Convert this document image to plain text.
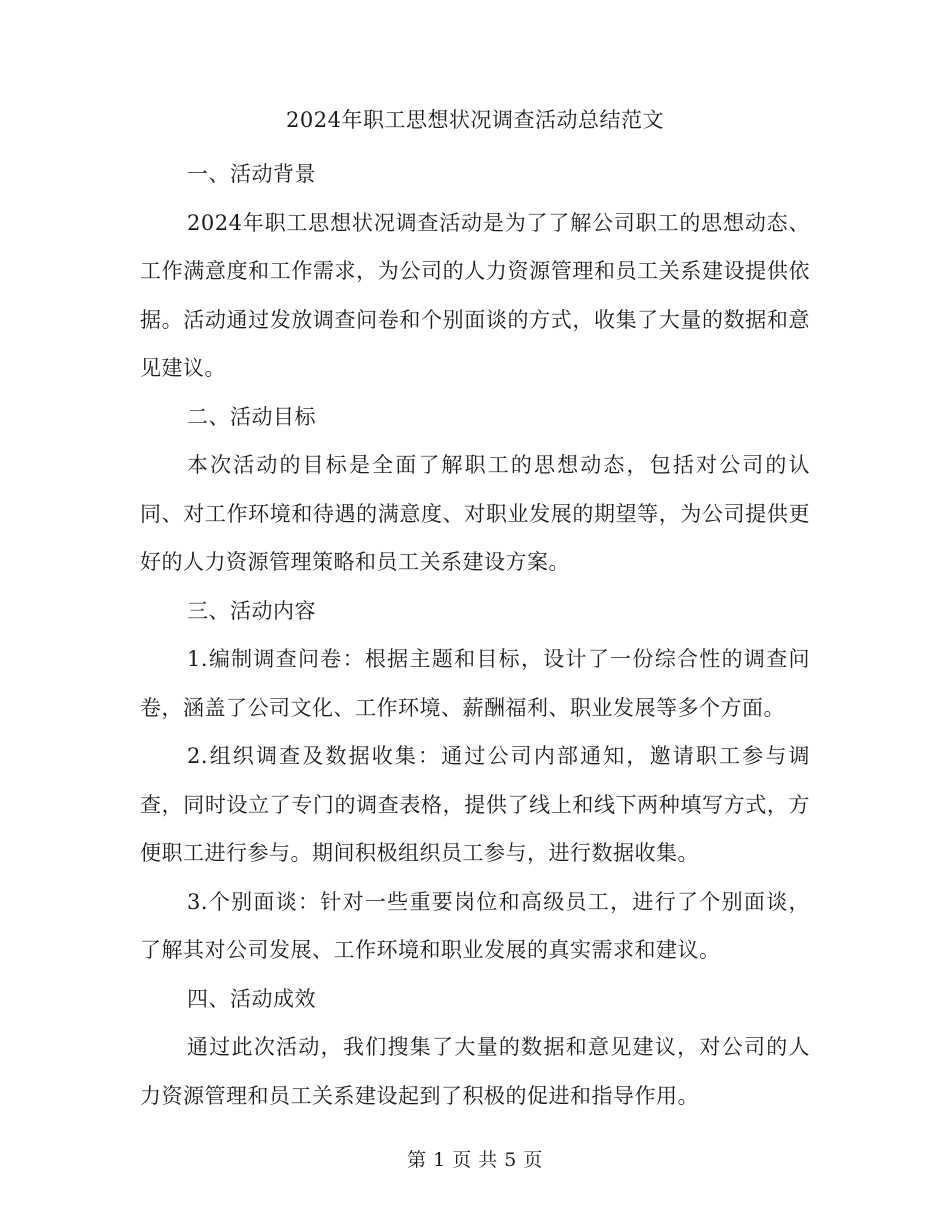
2024年职工思想状况调查活动总结范文

一、活动背景

2024年职工思想状况调查活动是为了了解公司职工的思想动态、工作满意度和工作需求，为公司的人力资源管理和员工关系建设提供依据。活动通过发放调查问卷和个别面谈的方式，收集了大量的数据和意见建议。

二、活动目标

本次活动的目标是全面了解职工的思想动态，包括对公司的认同、对工作环境和待遇的满意度、对职业发展的期望等，为公司提供更好的人力资源管理策略和员工关系建设方案。

三、活动内容

1.编制调查问卷：根据主题和目标，设计了一份综合性的调查问卷，涵盖了公司文化、工作环境、薪酬福利、职业发展等多个方面。

2.组织调查及数据收集：通过公司内部通知，邀请职工参与调查，同时设立了专门的调查表格，提供了线上和线下两种填写方式，方便职工进行参与。期间积极组织员工参与，进行数据收集。

3.个别面谈：针对一些重要岗位和高级员工，进行了个别面谈，了解其对公司发展、工作环境和职业发展的真实需求和建议。

四、活动成效

通过此次活动，我们搜集了大量的数据和意见建议，对公司的人力资源管理和员工关系建设起到了积极的促进和指导作用。

第 1 页 共 5 页
